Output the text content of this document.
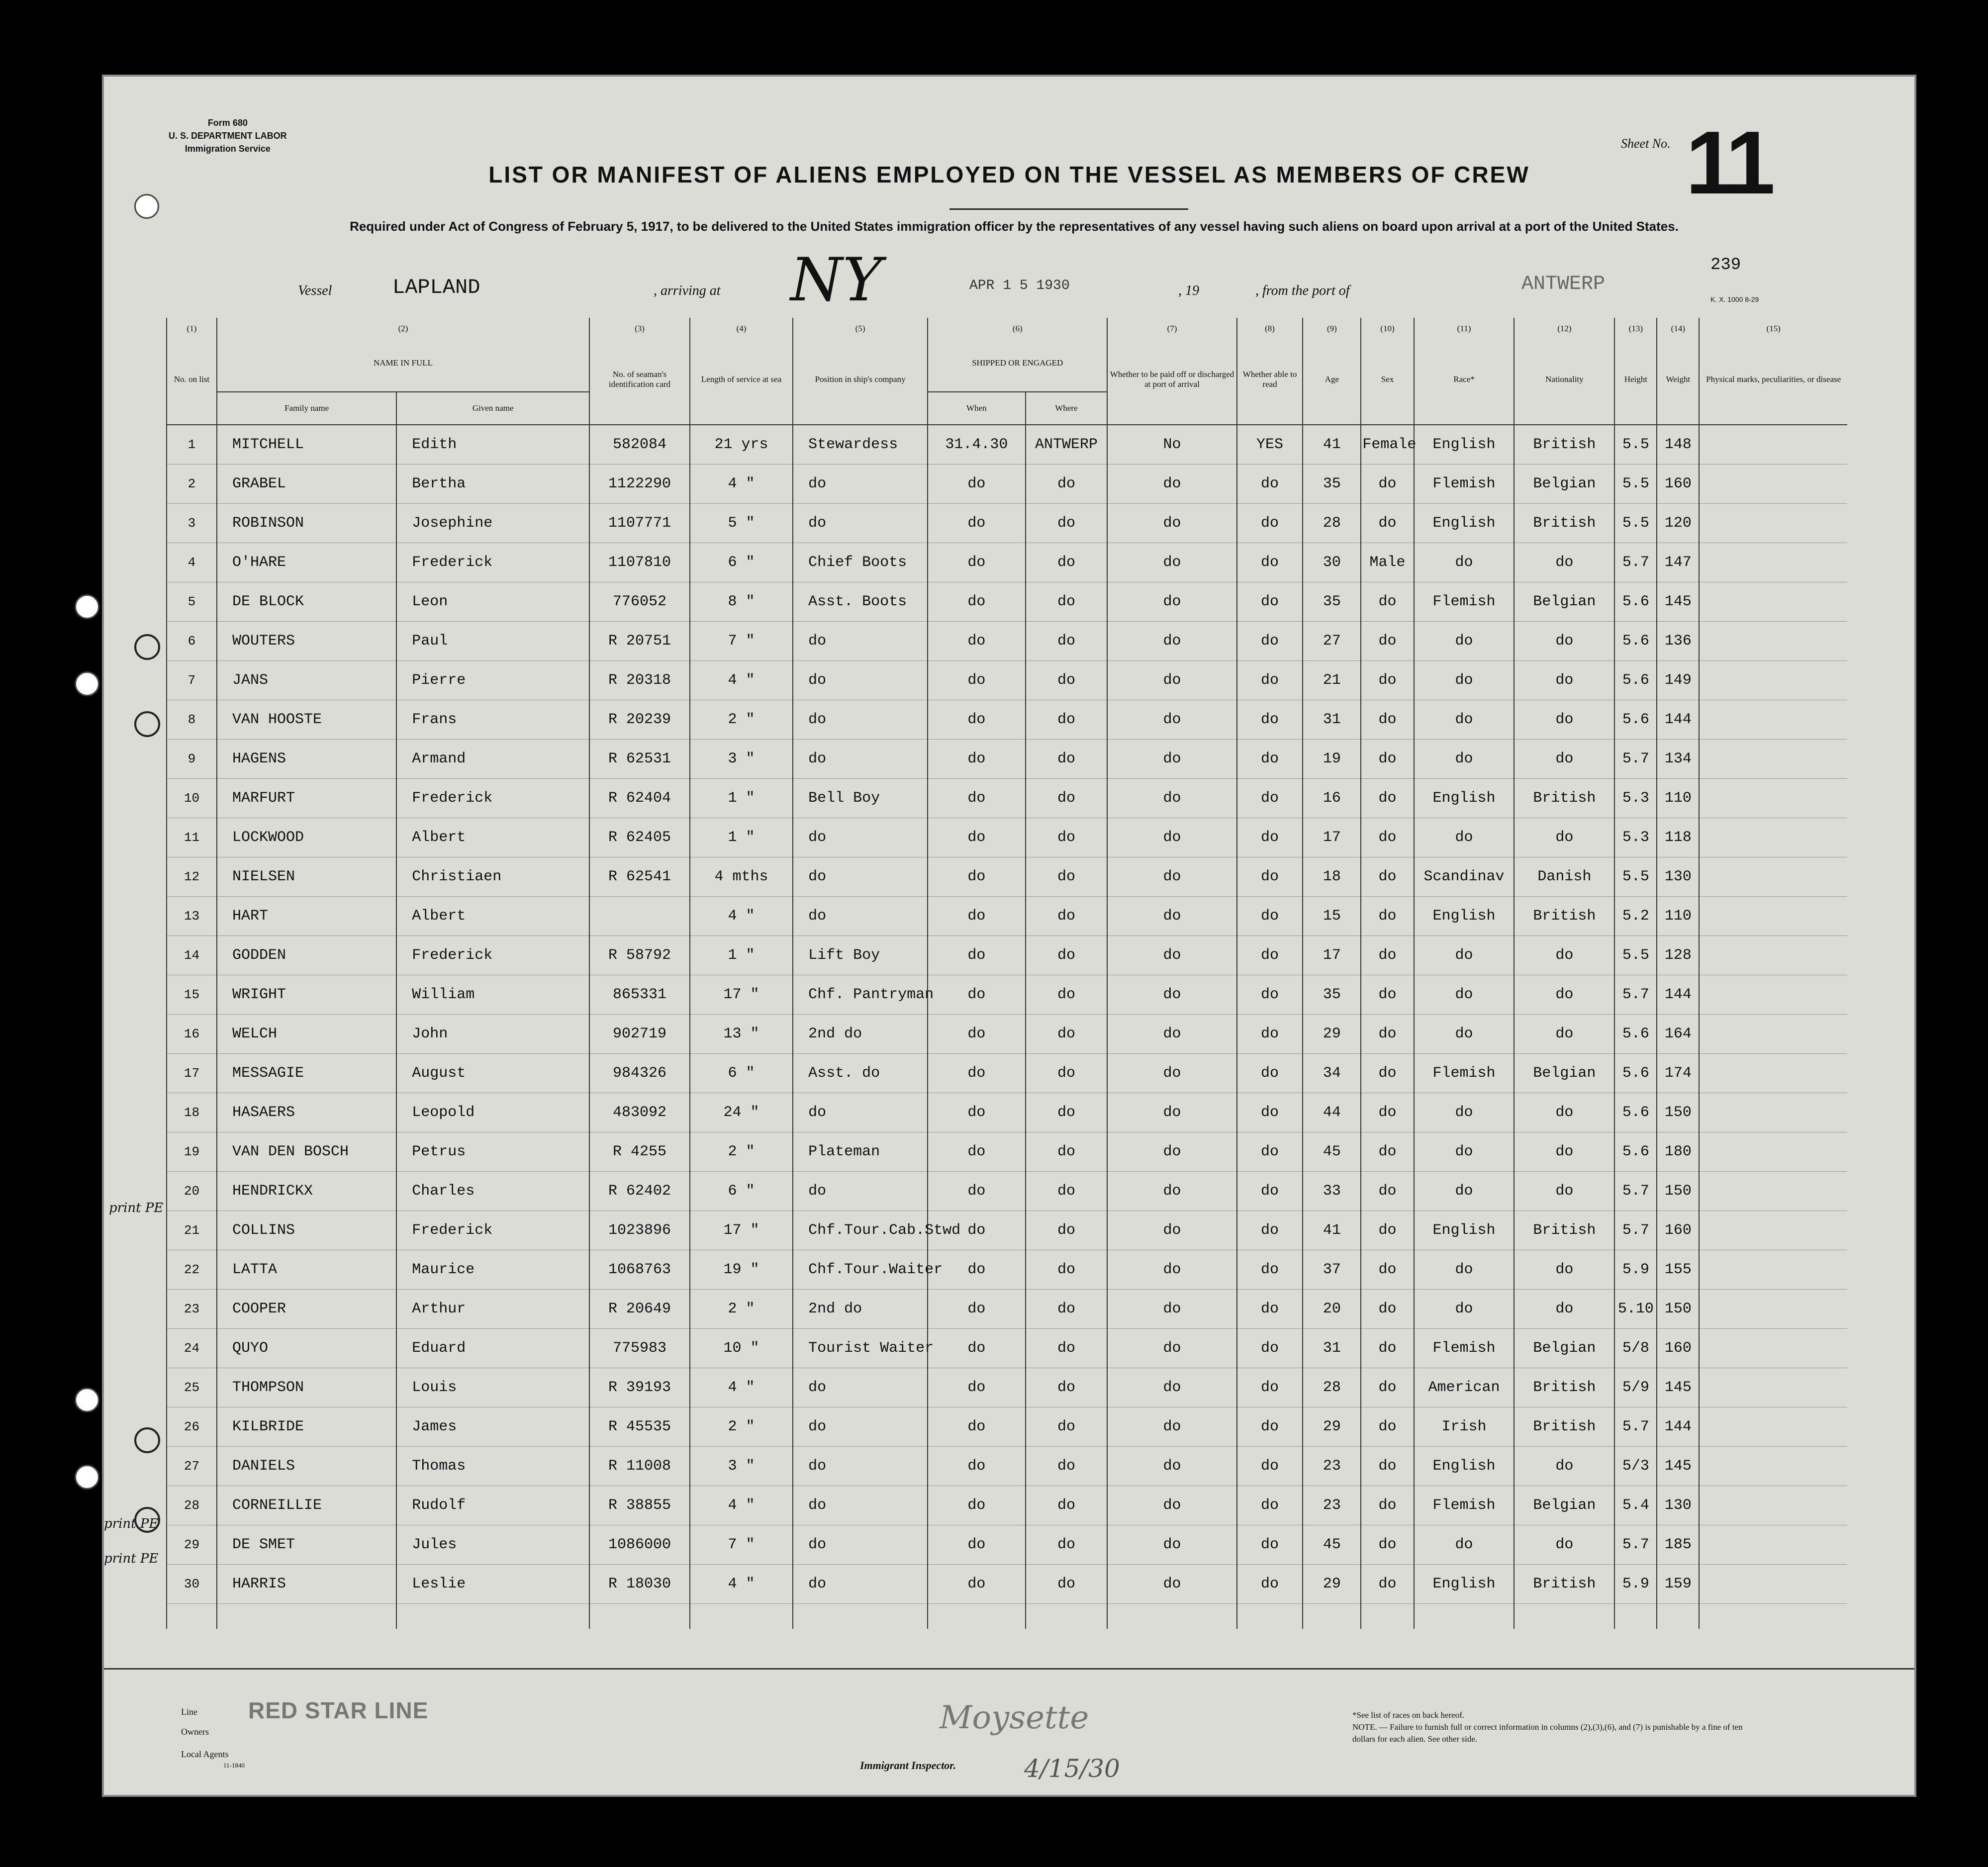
Form 680
U. S. DEPARTMENT LABOR
Immigration Service
LIST OR MANIFEST OF ALIENS EMPLOYED ON THE VESSEL AS MEMBERS OF CREW
Required under Act of Congress of February 5, 1917, to be delivered to the United States immigration officer by the representatives of any vessel having such aliens on board upon arrival at a port of the United States.
Sheet No. 11
239
K. X. 1000 8-29
Vessel	LAPLAND	, arriving at NY	APR 1 5 1930	, 19	, from the port of	ANTWERP
(1)	(2)		(3)	(4)	(5)	(6)		(7)	(8)	(9)	(10)	(11)	(12)	(13)	(14)	(15)
No. on list	NAME IN FULL		No. of seaman's identification card	Length of service at sea	Position in ship's company	SHIPPED OR ENGAGED		Whether to be paid off or discharged at port of arrival	Whether able to read	Age	Sex	Race*	Nationality	Height	Weight	Physical marks, peculiarities, or disease
	Family name	Given name				When	Where									
1	MITCHELL	Edith	582084	21 yrs	Stewardess	31.4.30	ANTWERP	No	YES	41	Female	English	British	5.5	148	
2	GRABEL	Bertha	1122290	4 "	do	do	do	do	do	35	do	Flemish	Belgian	5.5	160	
3	ROBINSON	Josephine	1107771	5 "	do	do	do	do	do	28	do	English	British	5.5	120	
4	O'HARE	Frederick	1107810	6 "	Chief Boots	do	do	do	do	30	Male	do	do	5.7	147	
5	DE BLOCK	Leon	776052	8 "	Asst. Boots	do	do	do	do	35	do	Flemish	Belgian	5.6	145	
6	WOUTERS	Paul	R 20751	7 "	do	do	do	do	do	27	do	do	do	5.6	136	
7	JANS	Pierre	R 20318	4 "	do	do	do	do	do	21	do	do	do	5.6	149	
8	VAN HOOSTE	Frans	R 20239	2 "	do	do	do	do	do	31	do	do	do	5.6	144	
9	HAGENS	Armand	R 62531	3 "	do	do	do	do	do	19	do	do	do	5.7	134	
10	MARFURT	Frederick	R 62404	1 "	Bell Boy	do	do	do	do	16	do	English	British	5.3	110	
11	LOCKWOOD	Albert	R 62405	1 "	do	do	do	do	do	17	do	do	do	5.3	118	
12	NIELSEN	Christiaen	R 62541	4 mths	do	do	do	do	do	18	do	Scandinav	Danish	5.5	130	
13	HART	Albert		4 "	do	do	do	do	do	15	do	English	British	5.2	110	
14	GODDEN	Frederick	R 58792	1 "	Lift Boy	do	do	do	do	17	do	do	do	5.5	128	
15	WRIGHT	William	865331	17 "	Chf. Pantryman	do	do	do	do	35	do	do	do	5.7	144	
16	WELCH	John	902719	13 "	2nd do	do	do	do	do	29	do	do	do	5.6	164	
17	MESSAGIE	August	984326	6 "	Asst. do	do	do	do	do	34	do	Flemish	Belgian	5.6	174	
18	HASAERS	Leopold	483092	24 "	do	do	do	do	do	44	do	do	do	5.6	150	
19	VAN DEN BOSCH	Petrus	R 4255	2 "	Plateman	do	do	do	do	45	do	do	do	5.6	180	
20	HENDRICKX	Charles	R 62402	6 "	do	do	do	do	do	33	do	do	do	5.7	150	
21	COLLINS	Frederick	1023896	17 "	Chf.Tour.Cab.Stwd	do	do	do	do	41	do	English	British	5.7	160	
22	LATTA	Maurice	1068763	19 "	Chf.Tour.Waiter	do	do	do	do	37	do	do	do	5.9	155	
23	COOPER	Arthur	R 20649	2 "	2nd do	do	do	do	do	20	do	do	do	5.10	150	
24	QUYO	Eduard	775983	10 "	Tourist Waiter	do	do	do	do	31	do	Flemish	Belgian	5/8	160	
25	THOMPSON	Louis	R 39193	4 "	do	do	do	do	do	28	do	American	British	5/9	145	
26	KILBRIDE	James	R 45535	2 "	do	do	do	do	do	29	do	Irish	British	5.7	144	
27	DANIELS	Thomas	R 11008	3 "	do	do	do	do	do	23	do	English	do	5/3	145	
28	CORNEILLIE	Rudolf	R 38855	4 "	do	do	do	do	do	23	do	Flemish	Belgian	5.4	130	
29	DE SMET	Jules	1086000	7 "	do	do	do	do	do	45	do	do	do	5.7	185	
30	HARRIS	Leslie	R 18030	4 "	do	do	do	do	do	29	do	English	British	5.9	159	

print PE
print PE
print PE
Line
Owners
Local Agents
11-1840
RED STAR LINE	Moysette
4/15/30
Immigrant Inspector.
*See list of races on back hereof.
NOTE. — Failure to furnish full or correct information in columns (2),(3),(6), and (7) is punishable by a fine of ten dollars for each alien. See other side.
